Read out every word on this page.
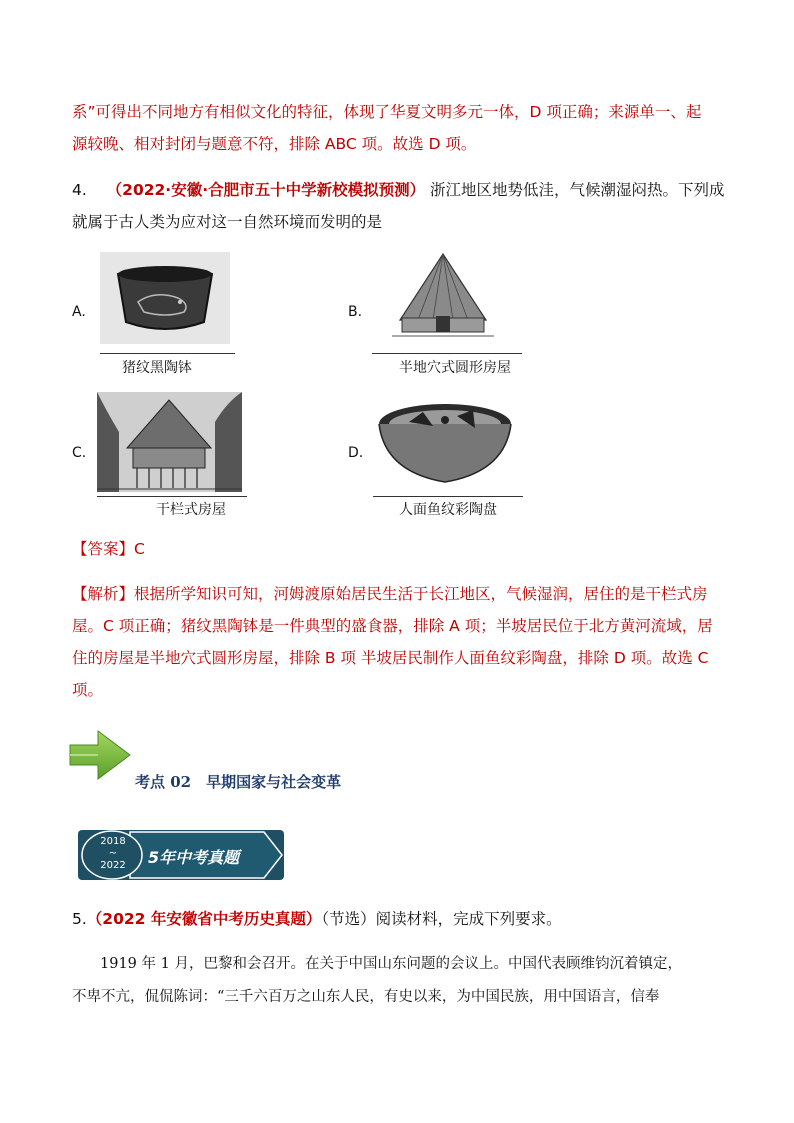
系”可得出不同地方有相似文化的特征，体现了华夏文明多元一体，D 项正确；来源单一、起
源较晚、相对封闭与题意不符，排除 ABC 项。故选 D 项。
4. （2022·安徽·合肥市五十中学新校模拟预测） 浙江地区地势低洼，气候潮湿闷热。下列成
就属于古人类为应对这一自然环境而发明的是
A.
猪纹黑陶钵
B.
半地穴式圆形房屋
C.
干栏式房屋
D.
人面鱼纹彩陶盘
【答案】C
【解析】根据所学知识可知，河姆渡原始居民生活于长江地区，气候湿润，居住的是干栏式房
屋。C 项正确；猪纹黑陶钵是一件典型的盛食器，排除 A 项；半坡居民位于北方黄河流域，居
住的房屋是半地穴式圆形房屋，排除 B 项 半坡居民制作人面鱼纹彩陶盘，排除 D 项。故选 C
项。
考点 02　早期国家与社会变革
2018
~
2022	5年中考真题
5.（2022 年安徽省中考历史真题）（节选）阅读材料，完成下列要求。
1919 年 1 月，巴黎和会召开。在关于中国山东问题的会议上。中国代表顾维钧沉着镇定，
不卑不亢，侃侃陈词：“三千六百万之山东人民，有史以来，为中国民族，用中国语言，信奉
